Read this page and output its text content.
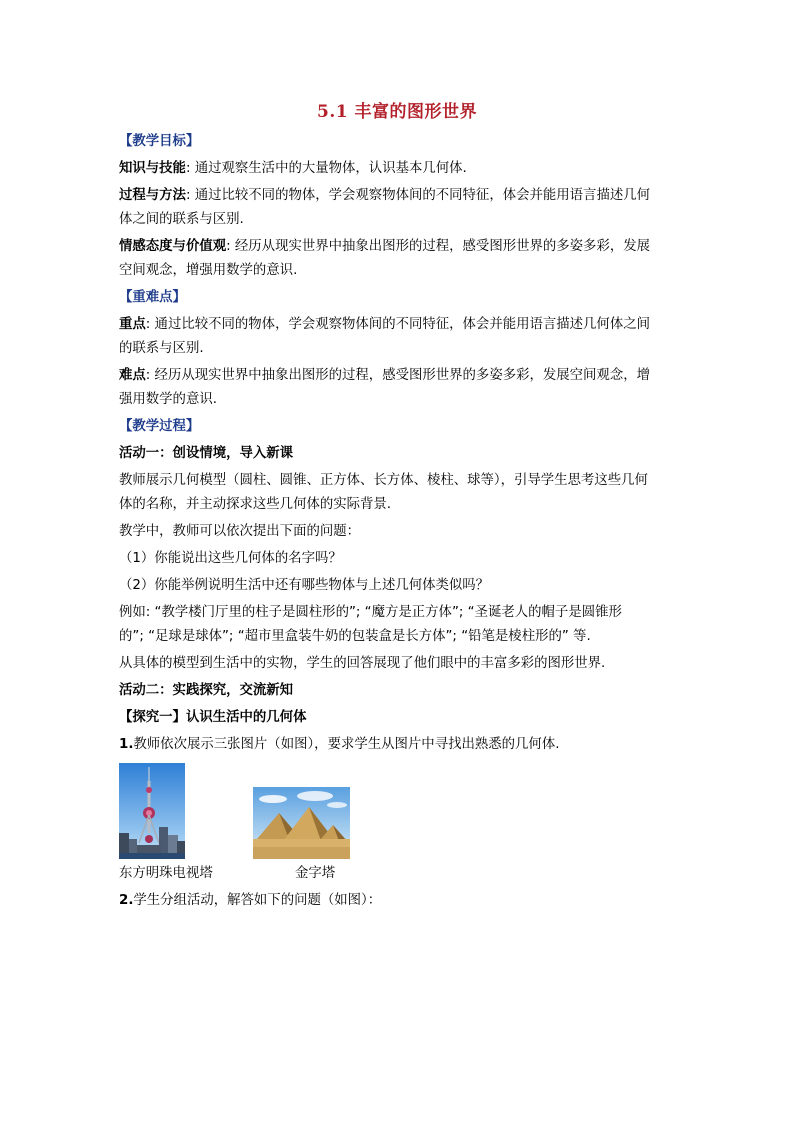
5.1 丰富的图形世界
【教学目标】
知识与技能: 通过观察生活中的大量物体，认识基本几何体.
过程与方法: 通过比较不同的物体，学会观察物体间的不同特征，体会并能用语言描述几何
体之间的联系与区别.
情感态度与价值观: 经历从现实世界中抽象出图形的过程，感受图形世界的多姿多彩，发展
空间观念，增强用数学的意识.
【重难点】
重点: 通过比较不同的物体，学会观察物体间的不同特征，体会并能用语言描述几何体之间
的联系与区别.
难点: 经历从现实世界中抽象出图形的过程，感受图形世界的多姿多彩，发展空间观念，增
强用数学的意识.
【教学过程】
活动一：创设情境，导入新课
教师展示几何模型（圆柱、圆锥、正方体、长方体、棱柱、球等），引导学生思考这些几何
体的名称，并主动探求这些几何体的实际背景.
教学中，教师可以依次提出下面的问题：
（1）你能说出这些几何体的名字吗？
（2）你能举例说明生活中还有哪些物体与上述几何体类似吗？
例如: “教学楼门厅里的柱子是圆柱形的”; “魔方是正方体”; “圣诞老人的帽子是圆锥形
的”; “足球是球体”; “超市里盒装牛奶的包装盒是长方体”; “铅笔是棱柱形的” 等.
从具体的模型到生活中的实物，学生的回答展现了他们眼中的丰富多彩的图形世界.
活动二：实践探究，交流新知
【探究一】认识生活中的几何体
1.教师依次展示三张图片（如图），要求学生从图片中寻找出熟悉的几何体.
东方明珠电视塔	金字塔
2.学生分组活动，解答如下的问题（如图）：
